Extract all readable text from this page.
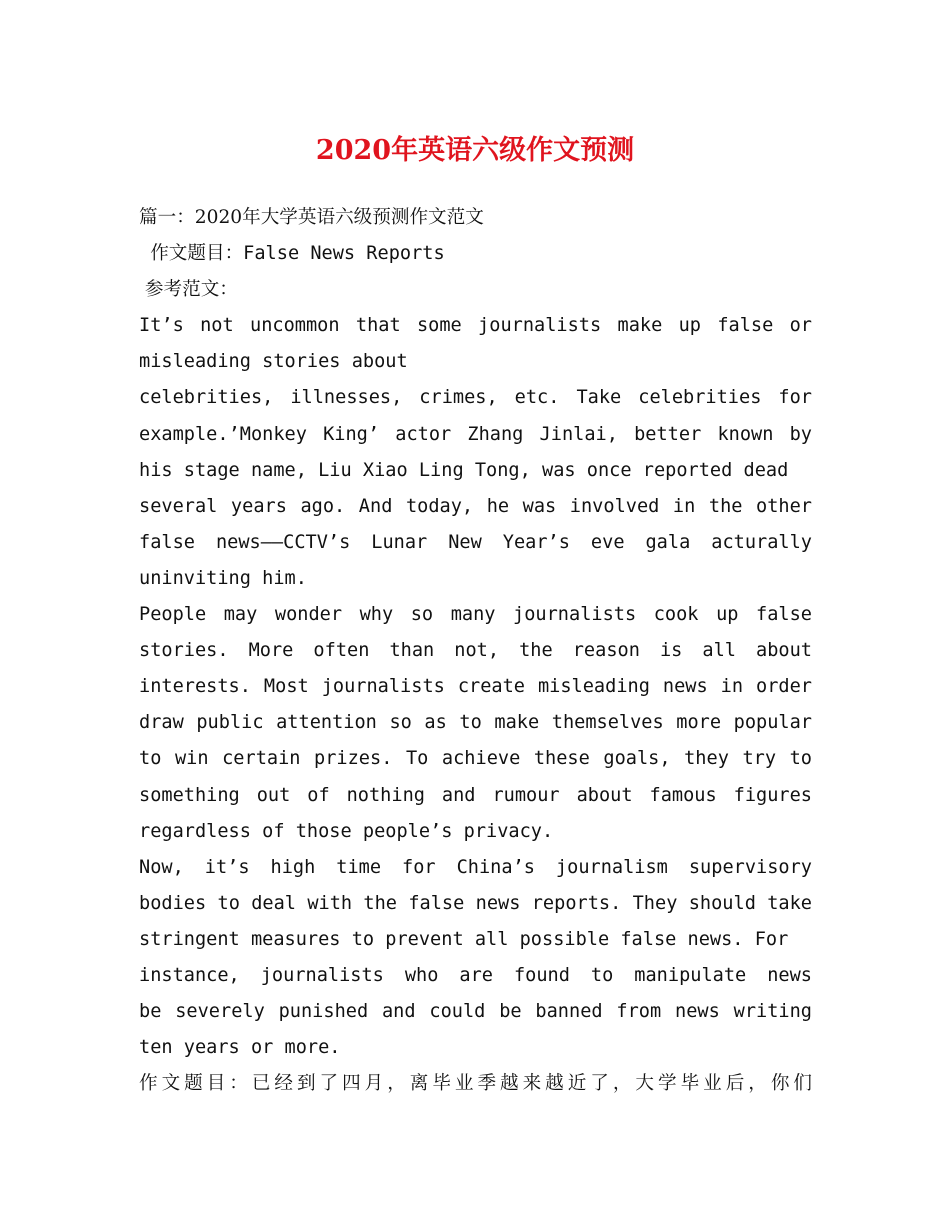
2020年英语六级作文预测
篇一：2020年大学英语六级预测作文范文
作文题目：False News Reports
参考范文：
It’s not uncommon that some journalists make up false or
misleading stories about
celebrities, illnesses, crimes, etc. Take celebrities for
example.’Monkey King’ actor Zhang Jinlai, better known by
his stage name, Liu Xiao Ling Tong, was once reported dead
several years ago. And today, he was involved in the other
false news——CCTV’s Lunar New Year’s eve gala acturally
uninviting him.
People may wonder why so many journalists cook up false
stories. More often than not, the reason is all about
interests. Most journalists create misleading news in order
draw public attention so as to make themselves more popular
to win certain prizes. To achieve these goals, they try to
something out of nothing and rumour about famous figures
regardless of those people’s privacy.
Now, it’s high time for China’s journalism supervisory
bodies to deal with the false news reports. They should take
stringent measures to prevent all possible false news. For
instance, journalists who are found to manipulate news
be severely punished and could be banned from news writing
ten years or more.
作文题目：已经到了四月，离毕业季越来越近了，大学毕业后，你们
